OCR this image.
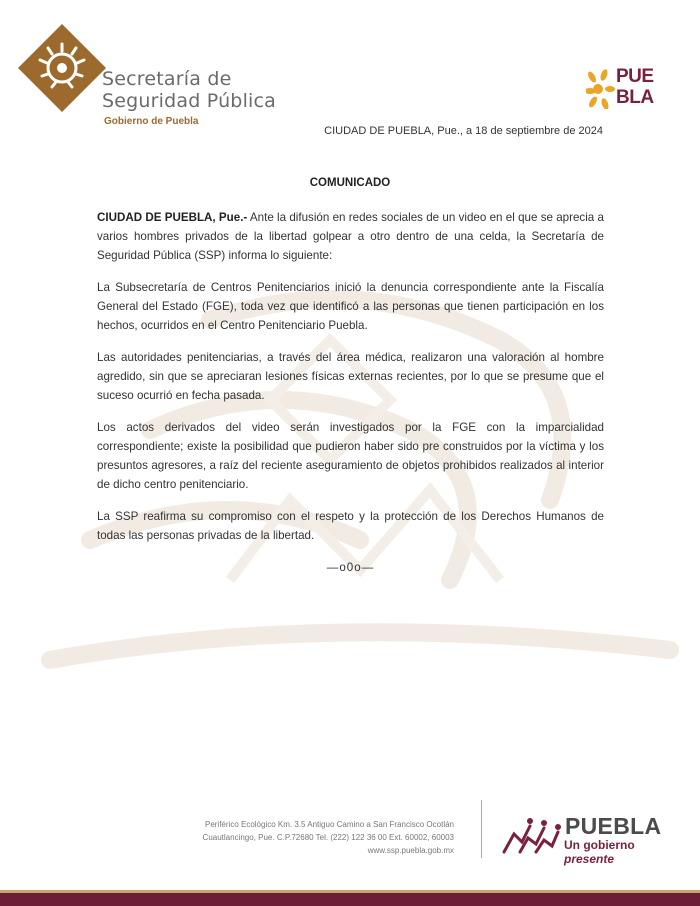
Secretaría de
Seguridad Pública
Gobierno de Puebla
PUE
BLA
CIUDAD DE PUEBLA, Pue., a 18 de septiembre de 2024
COMUNICADO

CIUDAD DE PUEBLA, Pue.- Ante la difusión en redes sociales de un video en el que se aprecia a varios hombres privados de la libertad golpear a otro dentro de una celda, la Secretaría de Seguridad Pública (SSP) informa lo siguiente:

La Subsecretaría de Centros Penitenciarios inició la denuncia correspondiente ante la Fiscalía General del Estado (FGE), toda vez que identificó a las personas que tienen participación en los hechos, ocurridos en el Centro Penitenciario Puebla.

Las autoridades penitenciarias, a través del área médica, realizaron una valoración al hombre agredido, sin que se apreciaran lesiones físicas externas recientes, por lo que se presume que el suceso ocurrió en fecha pasada.

Los actos derivados del video serán investigados por la FGE con la imparcialidad correspondiente; existe la posibilidad que pudieron haber sido pre construidos por la víctima y los presuntos agresores, a raíz del reciente aseguramiento de objetos prohibidos realizados al interior de dicho centro penitenciario.

La SSP reafirma su compromiso con el respeto y la protección de los Derechos Humanos de todas las personas privadas de la libertad.

—o0o—

Periférico Ecológico Km. 3.5 Antiguo Camino a San Francisco Ocotlán
Cuautlancingo, Pue. C.P.72680 Tel. (222) 122 36 00 Ext. 60002, 60003
www.ssp.puebla.gob.mx
PUEBLA
Un gobierno presente
